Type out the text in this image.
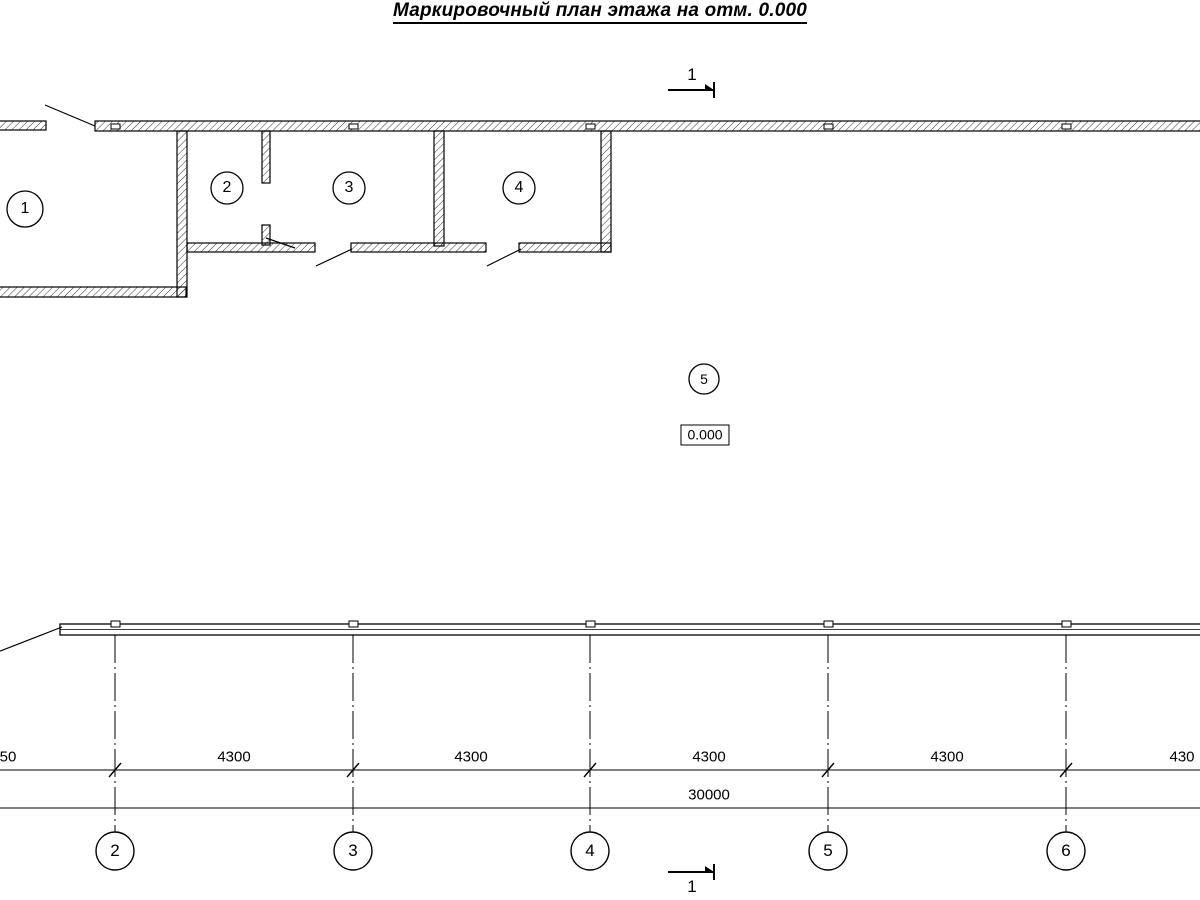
Маркировочный план этажа на отм. 0.000
1
2	3	4
5
0.000
1
1
50	4300	4300	4300	4300	430
30000
2	3	4	5	6
